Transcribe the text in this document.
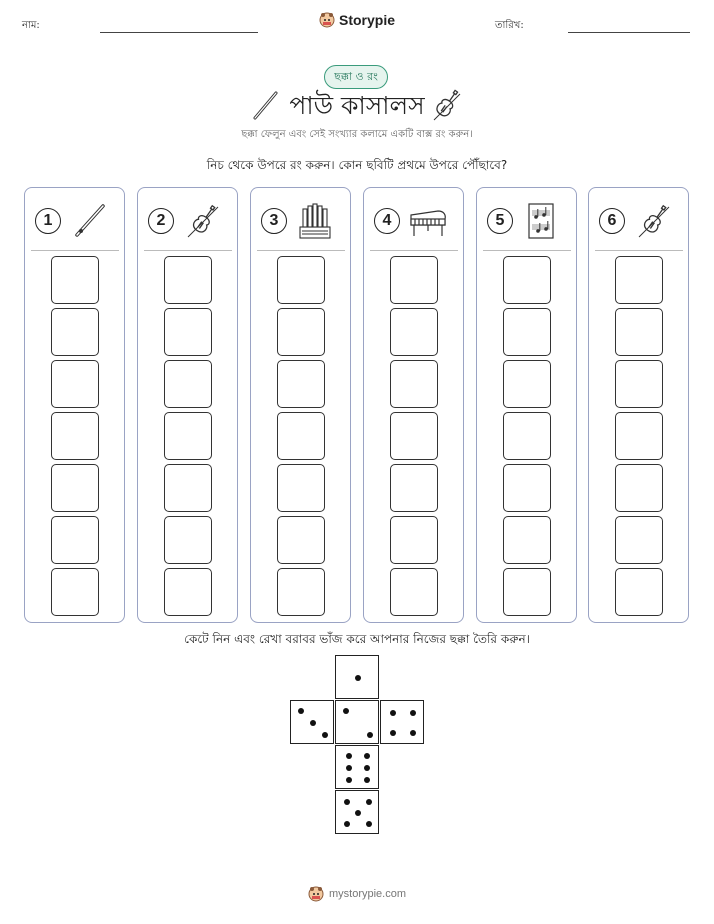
নাম:	Storypie	তারিখ:
ছক্কা ও রং
পাউ কাসালস
ছক্কা ফেলুন এবং সেই সংখ্যার কলামে একটি বাক্স রং করুন।
নিচ থেকে উপরে রং করুন। কোন ছবিটি প্রথমে উপরে পৌঁছাবে?
1	2	3	4	5	6
কেটে নিন এবং রেখা বরাবর ভাঁজ করে আপনার নিজের ছক্কা তৈরি করুন।
mystorypie.com
